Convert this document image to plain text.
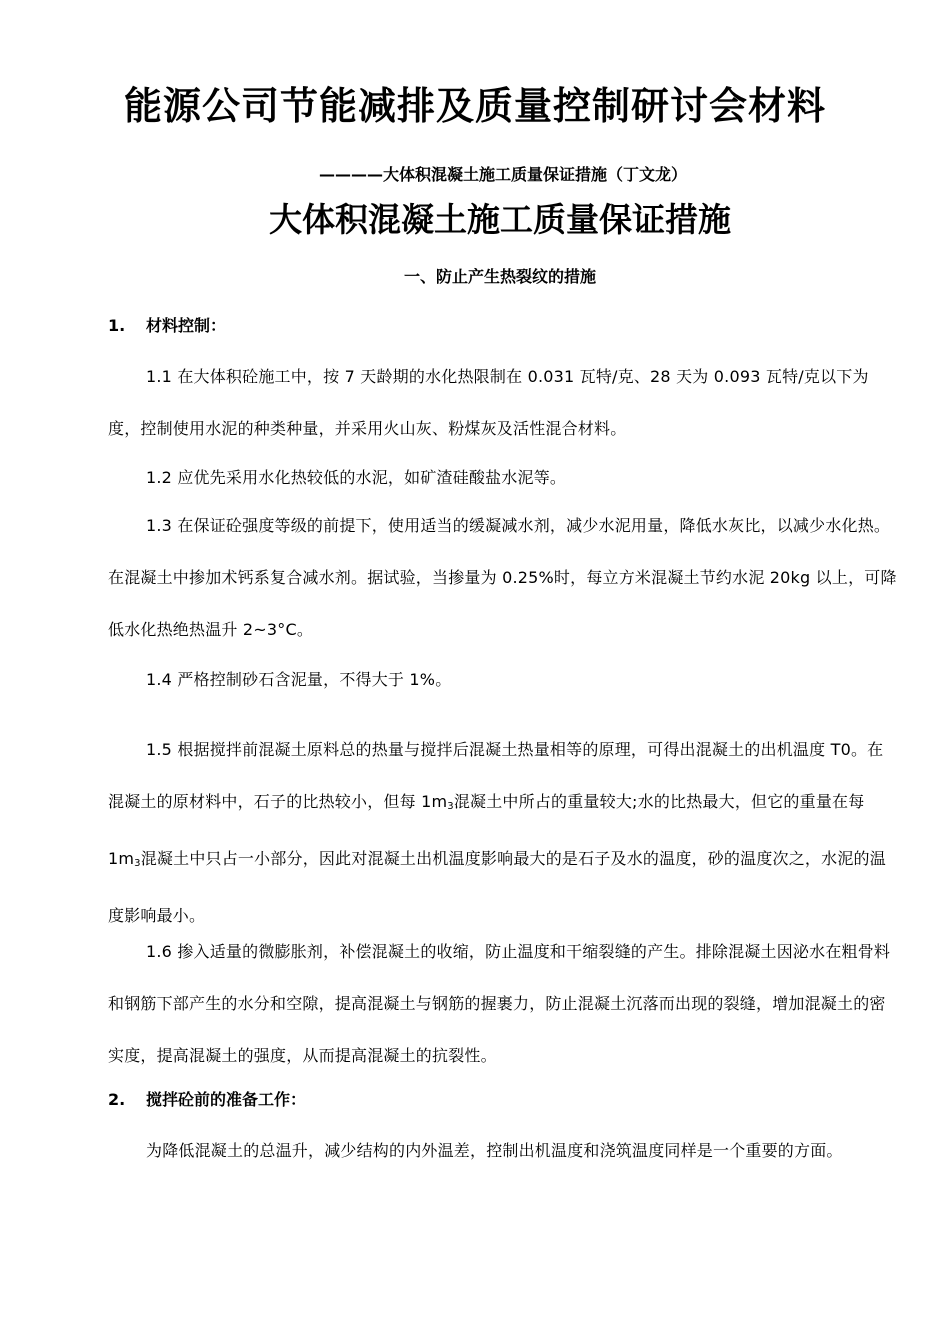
能源公司节能减排及质量控制研讨会材料
————大体积混凝土施工质量保证措施（丁文龙）
大体积混凝土施工质量保证措施
一、防止产生热裂纹的措施
1. 材料控制：
1.1 在大体积砼施工中，按 7 天龄期的水化热限制在 0.031 瓦特/克、28 天为 0.093 瓦特/克以下为度，控制使用水泥的种类种量，并采用火山灰、粉煤灰及活性混合材料。
1.2 应优先采用水化热较低的水泥，如矿渣硅酸盐水泥等。
1.3 在保证砼强度等级的前提下，使用适当的缓凝减水剂，减少水泥用量，降低水灰比，以减少水化热。在混凝土中掺加术钙系复合减水剂。据试验，当掺量为 0.25%时，每立方米混凝土节约水泥 20kg 以上，可降低水化热绝热温升 2~3°C。
1.4 严格控制砂石含泥量，不得大于 1%。
1.5 根据搅拌前混凝土原料总的热量与搅拌后混凝土热量相等的原理，可得出混凝土的出机温度 T0。在混凝土的原材料中，石子的比热较小，但每 $1m_3$混凝土中所占的重量较大;水的比热最大，但它的重量在每 $1m_3$混凝土中只占一小部分，因此对混凝土出机温度影响最大的是石子及水的温度，砂的温度次之，水泥的温度影响最小。
1.6 掺入适量的微膨胀剂，补偿混凝土的收缩，防止温度和干缩裂缝的产生。排除混凝土因泌水在粗骨料和钢筋下部产生的水分和空隙，提高混凝土与钢筋的握裹力，防止混凝土沉落而出现的裂缝，增加混凝土的密实度，提高混凝土的强度，从而提高混凝土的抗裂性。
2. 搅拌砼前的准备工作：
为降低混凝土的总温升，减少结构的内外温差，控制出机温度和浇筑温度同样是一个重要的方面。
